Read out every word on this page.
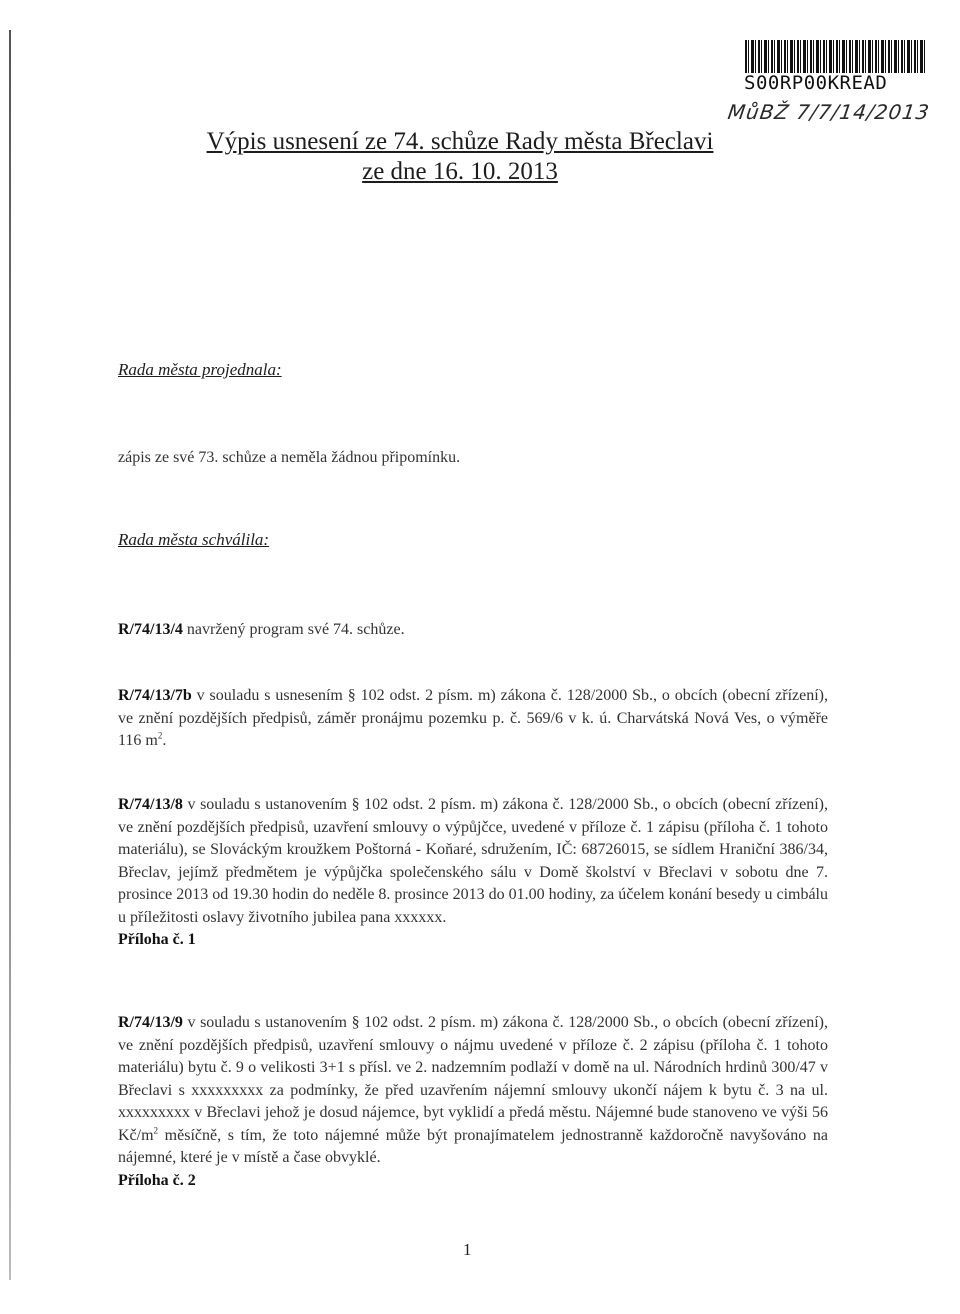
S00RP00KREAD
MůBŽ 7/7/14/2013
Výpis usnesení ze 74. schůze Rady města Břeclavi
ze dne 16. 10. 2013
Rada města projednala:
zápis ze své 73. schůze a neměla žádnou připomínku.
Rada města schválila:
R/74/13/4 navržený program své 74. schůze.
R/74/13/7b v souladu s usnesením § 102 odst. 2 písm. m) zákona č. 128/2000 Sb., o obcích (obecní zřízení), ve znění pozdějších předpisů, záměr pronájmu pozemku p. č. 569/6 v k. ú. Charvátská Nová Ves, o výměře 116 $m^2$.
R/74/13/8 v souladu s ustanovením § 102 odst. 2 písm. m) zákona č. 128/2000 Sb., o obcích (obecní zřízení), ve znění pozdějších předpisů, uzavření smlouvy o výpůjčce, uvedené v příloze č. 1 zápisu (příloha č. 1 tohoto materiálu), se Slováckým kroužkem Poštorná - Koňaré, sdružením, IČ: 68726015, se sídlem Hraniční 386/34, Břeclav, jejímž předmětem je výpůjčka společenského sálu v Domě školství v Břeclavi v sobotu dne 7. prosince 2013 od 19.30 hodin do neděle 8. prosince 2013 do 01.00 hodiny, za účelem konání besedy u cimbálu u příležitosti oslavy životního jubilea pana xxxxxx.
Příloha č. 1
R/74/13/9 v souladu s ustanovením § 102 odst. 2 písm. m) zákona č. 128/2000 Sb., o obcích (obecní zřízení), ve znění pozdějších předpisů, uzavření smlouvy o nájmu uvedené v příloze č. 2 zápisu (příloha č. 1 tohoto materiálu) bytu č. 9 o velikosti 3+1 s přísl. ve 2. nadzemním podlaží v domě na ul. Národních hrdinů 300/47 v Břeclavi s xxxxxxxxx za podmínky, že před uzavřením nájemní smlouvy ukončí nájem k bytu č. 3 na ul. xxxxxxxxx v Břeclavi jehož je dosud nájemce, byt vyklidí a předá městu. Nájemné bude stanoveno ve výši 56 $Kč/m^2$ měsíčně, s tím, že toto nájemné může být pronajímatelem jednostranně každoročně navyšováno na nájemné, které je v místě a čase obvyklé.
Příloha č. 2
1
